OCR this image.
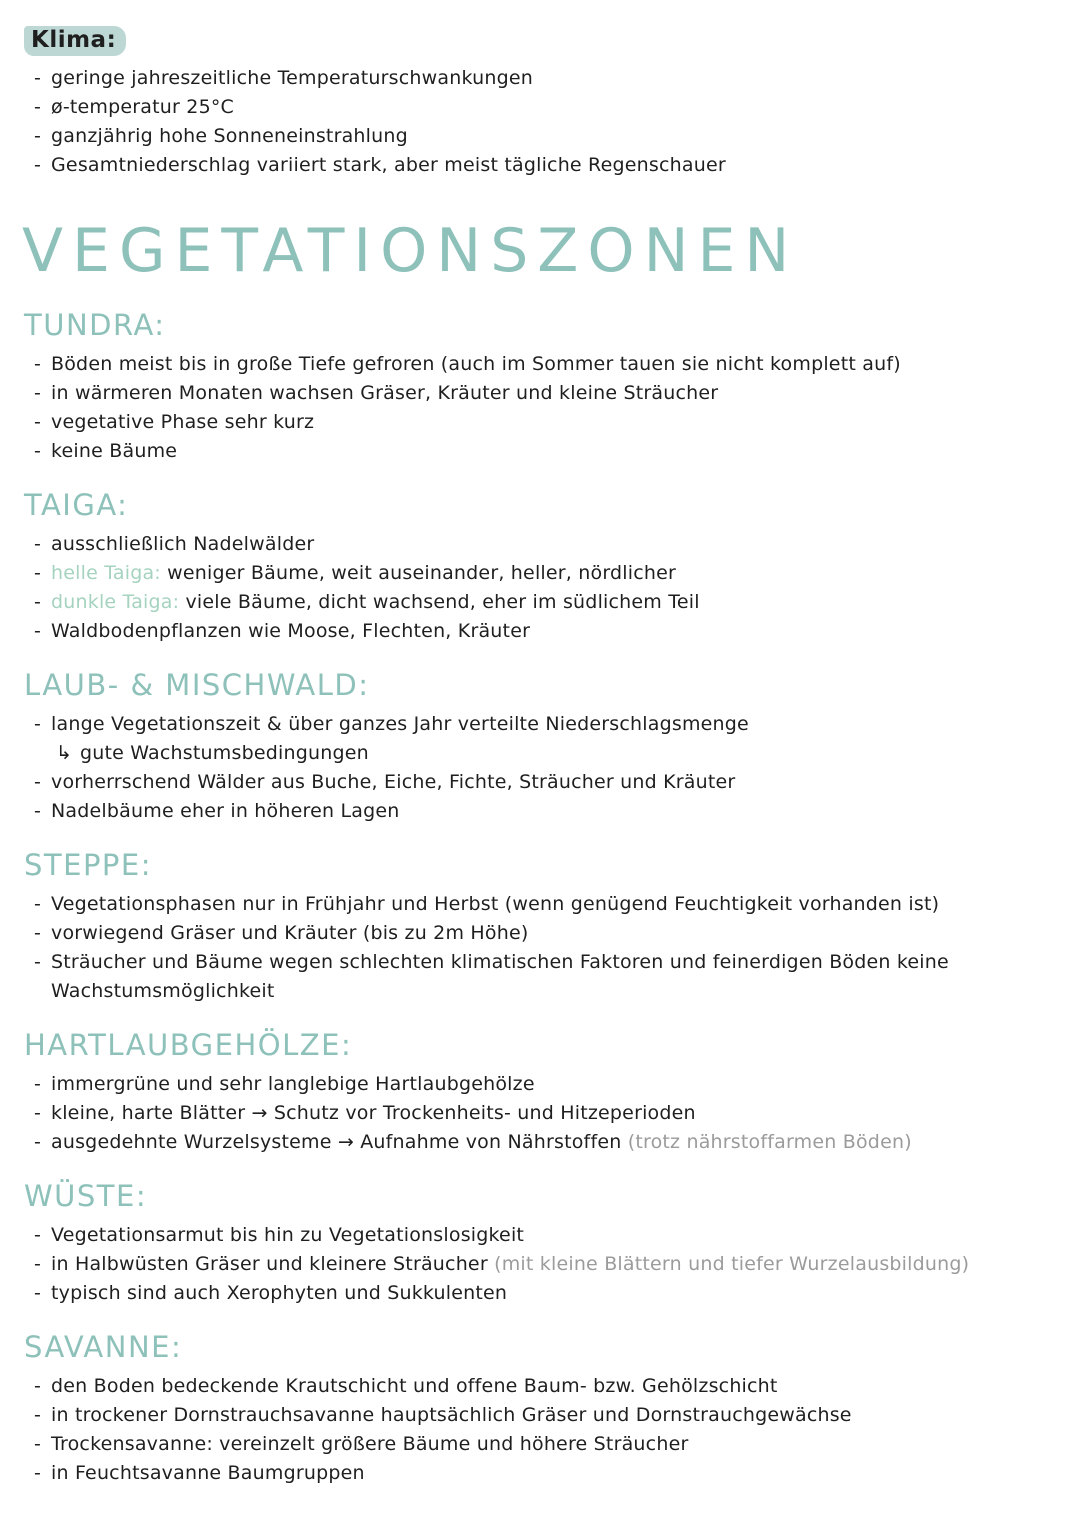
Klima:
- geringe jahreszeitliche Temperaturschwankungen
- ø-temperatur 25°C
- ganzjährig hohe Sonneneinstrahlung
- Gesamtniederschlag variiert stark, aber meist tägliche Regenschauer
VEGETATIONSZONEN
TUNDRA:
- Böden meist bis in große Tiefe gefroren (auch im Sommer tauen sie nicht komplett auf)
- in wärmeren Monaten wachsen Gräser, Kräuter und kleine Sträucher
- vegetative Phase sehr kurz
- keine Bäume
TAIGA:
- ausschließlich Nadelwälder
- helle Taiga: weniger Bäume, weit auseinander, heller, nördlicher
- dunkle Taiga: viele Bäume, dicht wachsend, eher im südlichem Teil
- Waldbodenpflanzen wie Moose, Flechten, Kräuter
LAUB- & MISCHWALD:
- lange Vegetationszeit & über ganzes Jahr verteilte Niederschlagsmenge
↳ gute Wachstumsbedingungen
- vorherrschend Wälder aus Buche, Eiche, Fichte, Sträucher und Kräuter
- Nadelbäume eher in höheren Lagen
STEPPE:
- Vegetationsphasen nur in Frühjahr und Herbst (wenn genügend Feuchtigkeit vorhanden ist)
- vorwiegend Gräser und Kräuter (bis zu 2m Höhe)
- Sträucher und Bäume wegen schlechten klimatischen Faktoren und feinerdigen Böden keine Wachstumsmöglichkeit
HARTLAUBGEHÖLZE:
- immergrüne und sehr langlebige Hartlaubgehölze
- kleine, harte Blätter → Schutz vor Trockenheits- und Hitzeperioden
- ausgedehnte Wurzelsysteme → Aufnahme von Nährstoffen (trotz nährstoffarmen Böden)
WÜSTE:
- Vegetationsarmut bis hin zu Vegetationslosigkeit
- in Halbwüsten Gräser und kleinere Sträucher (mit kleine Blättern und tiefer Wurzelausbildung)
- typisch sind auch Xerophyten und Sukkulenten
SAVANNE:
- den Boden bedeckende Krautschicht und offene Baum- bzw. Gehölzschicht
- in trockener Dornstrauchsavanne hauptsächlich Gräser und Dornstrauchgewächse
- Trockensavanne: vereinzelt größere Bäume und höhere Sträucher
- in Feuchtsavanne Baumgruppen
